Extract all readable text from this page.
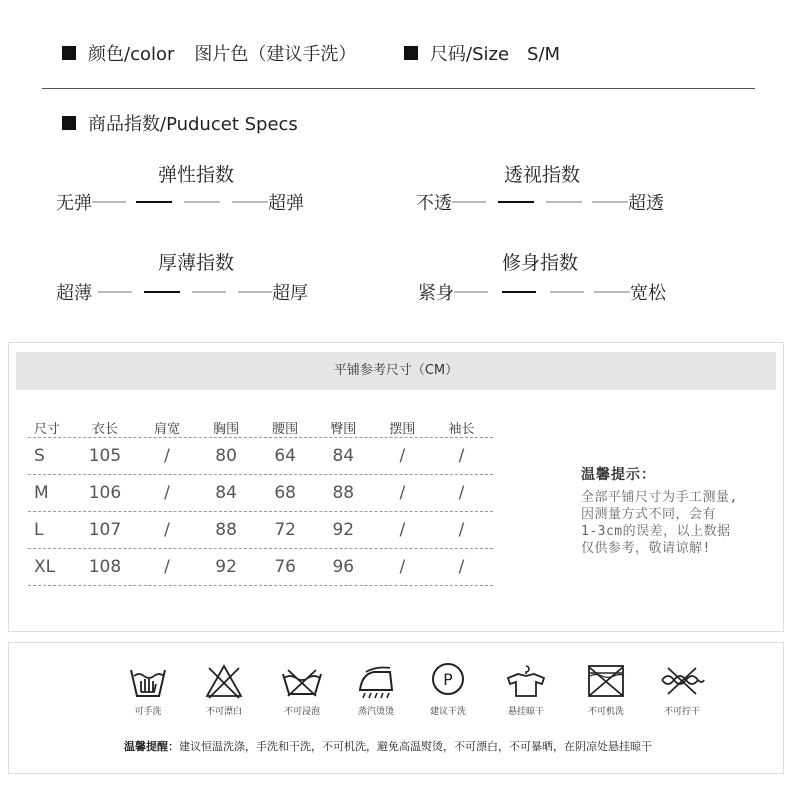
颜色/color 图片色（建议手洗）	尺码/Size S/M
商品指数/Puducet Specs
弹性指数
无弹	超弹
透视指数
不透	超透
厚薄指数
超薄	超厚
修身指数
紧身	宽松
平铺参考尺寸（CM）
尺寸	衣长	肩宽	胸围	腰围	臀围	摆围	袖长
S	105	/	80	64	84	/	/
M	106	/	84	68	88	/	/
L	107	/	88	72	92	/	/
XL	108	/	92	76	96	/	/
温馨提示：
全部平铺尺寸为手工测量,
因测量方式不同，会有
1-3cm的误差，以上数据
仅供参考，敬请谅解!
可手洗	不可漂白	不可浸泡	蒸汽烫烫
P
建议干洗	悬挂晾干	不可机洗	不可拧干
温馨提醒：建议恒温洗涤，手洗和干洗，不可机洗，避免高温熨烫，不可漂白，不可暴晒，在阴凉处悬挂晾干
